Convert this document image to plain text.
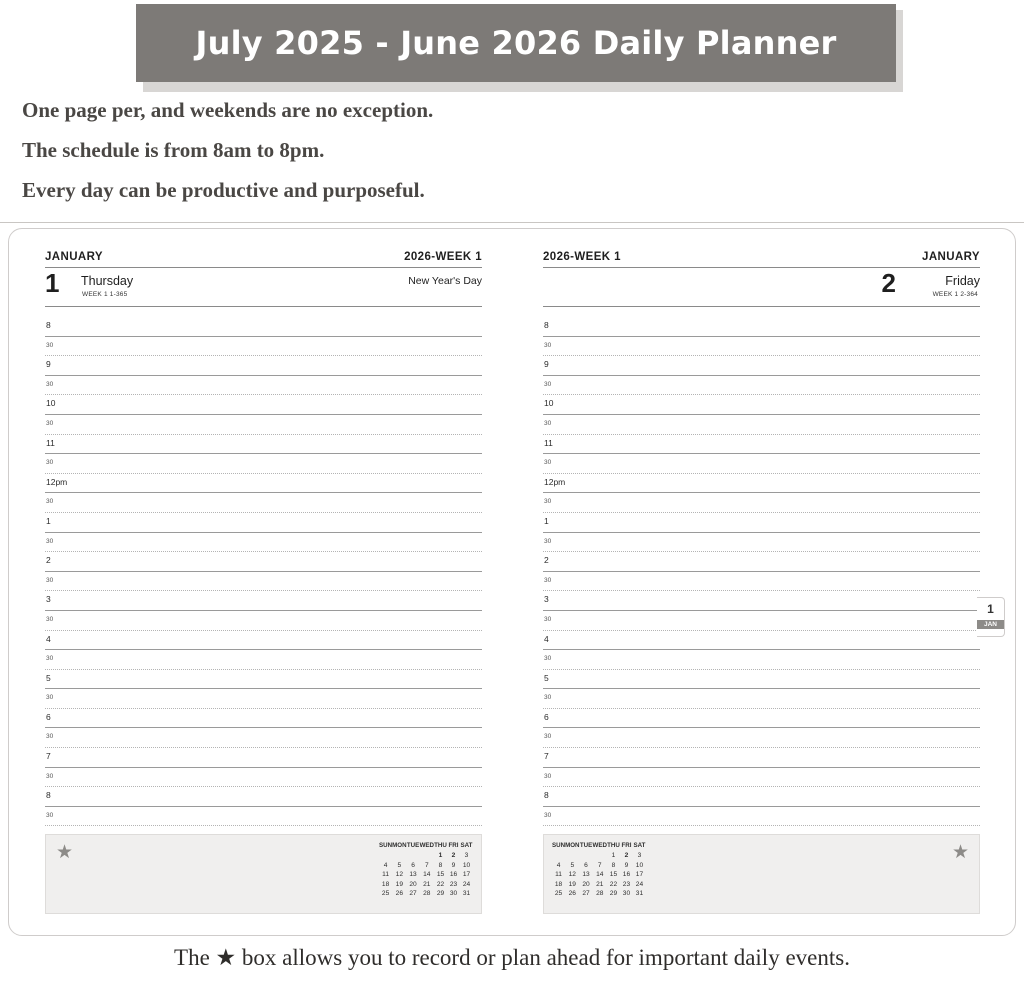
July 2025 - June 2026 Daily Planner
One page per, and weekends are no exception.
The schedule is from 8am to 8pm.
Every day can be productive and purposeful.
JANUARY	2026-WEEK 1
1 Thursday
WEEK 1 1-365
New Year's Day
8
30
9
30
10
30
11
30
12pm
30
1
30
2
30
3
30
4
30
5
30
6
30
7
30
8
30
★	SUN	MON	TUE	WED	THU	FRI	SAT
				1	2	3
4	5	6	7	8	9	10
11	12	13	14	15	16	17
18	19	20	21	22	23	24
25	26	27	28	29	30	31
2026-WEEK 1	JANUARY
2	Friday
WEEK 1 2-364
8
30
9
30
10
30
11
30
12pm
30
1
30
2
30
3
30
4
30
5
30
6
30
7
30
8
30
★
SUN	MON	TUE	WED	THU	FRI	SAT
				1	2	3
4	5	6	7	8	9	10
11	12	13	14	15	16	17
18	19	20	21	22	23	24
25	26	27	28	29	30	31
1
JAN
The ★ box allows you to record or plan ahead for important daily events.
